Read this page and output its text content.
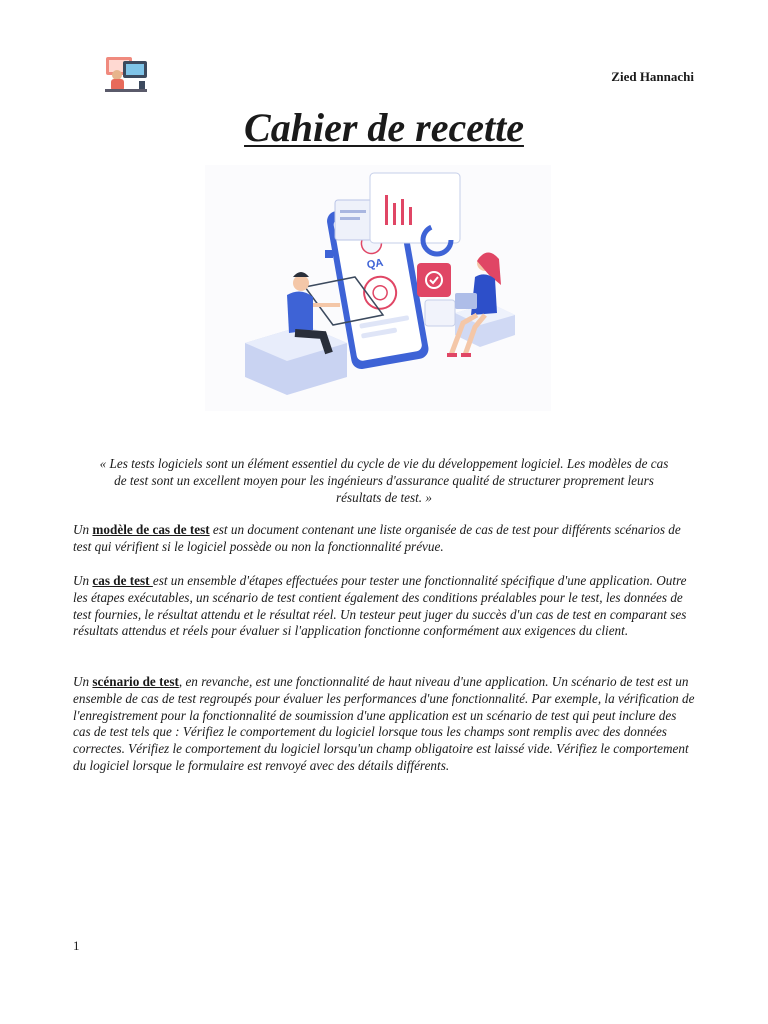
Zied Hannachi
Cahier de recette
QA
« Les tests logiciels sont un élément essentiel du cycle de vie du développement logiciel. Les modèles de cas de test sont un excellent moyen pour les ingénieurs d'assurance qualité de structurer proprement leurs résultats de test. »

Un modèle de cas de test est un document contenant une liste organisée de cas de test pour différents scénarios de test qui vérifient si le logiciel possède ou non la fonctionnalité prévue.

Un cas de test est un ensemble d'étapes effectuées pour tester une fonctionnalité spécifique d'une application. Outre les étapes exécutables, un scénario de test contient également des conditions préalables pour le test, les données de test fournies, le résultat attendu et le résultat réel. Un testeur peut juger du succès d'un cas de test en comparant ses résultats attendus et réels pour évaluer si l'application fonctionne conformément aux exigences du client.

Un scénario de test, en revanche, est une fonctionnalité de haut niveau d'une application. Un scénario de test est un ensemble de cas de test regroupés pour évaluer les performances d'une fonctionnalité. Par exemple, la vérification de l'enregistrement pour la fonctionnalité de soumission d'une application est un scénario de test qui peut inclure des cas de test tels que : Vérifiez le comportement du logiciel lorsque tous les champs sont remplis avec des données correctes. Vérifiez le comportement du logiciel lorsqu'un champ obligatoire est laissé vide. Vérifiez le comportement du logiciel lorsque le formulaire est renvoyé avec des détails différents.

1
